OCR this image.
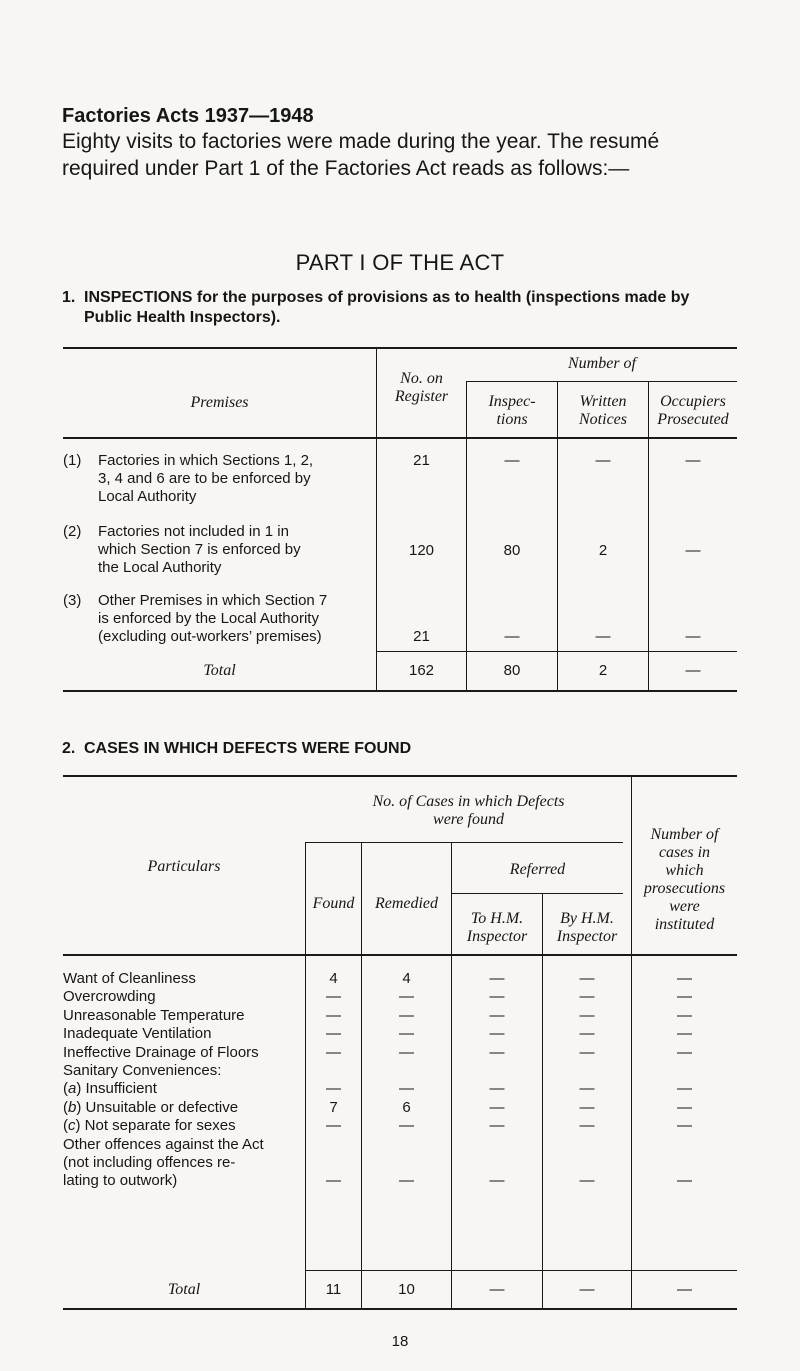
Factories Acts 1937—1948
Eighty visits to factories were made during the year. The resumé required under Part 1 of the Factories Act reads as follows:—
PART I OF THE ACT
1. INSPECTIONS for the purposes of provisions as to health (inspections made by
Public Health Inspectors).
Premises
No. on
Register
Number of
Inspec-
tions
Written
Notices
Occupiers
Prosecuted
(1) Factories in which Sections 1, 2,
3, 4 and 6 are to be enforced by
Local Authority
21	—	—	—
(2) Factories not included in 1 in
which Section 7 is enforced by
the Local Authority
120	80	2	—
(3) Other Premises in which Section 7
is enforced by the Local Authority
(excluding out-workers’ premises)	21	—	—	—
Total	162	80	2	—
2. CASES IN WHICH DEFECTS WERE FOUND
Particulars
No. of Cases in which Defects
were found
Found	Remedied
Referred
To H.M.
Inspector
By H.M.
Inspector
Number of
cases in
which
prosecutions
were
instituted
Want of Cleanliness	4	4	—	—	—
Overcrowding	—	—	—	—	—
Unreasonable Temperature	—	—	—	—	—
Inadequate Ventilation	—	—	—	—	—
Ineffective Drainage of Floors	—	—	—	—	—
Sanitary Conveniences:
(a) Insufficient	—	—	—	—	—
(b) Unsuitable or defective	7	6	—	—	—
(c) Not separate for sexes	—	—	—	—	—
Other offences against the Act
(not including offences re-
lating to outwork)	—	—	—	—	—
Total	11	10	—	—	—
18
